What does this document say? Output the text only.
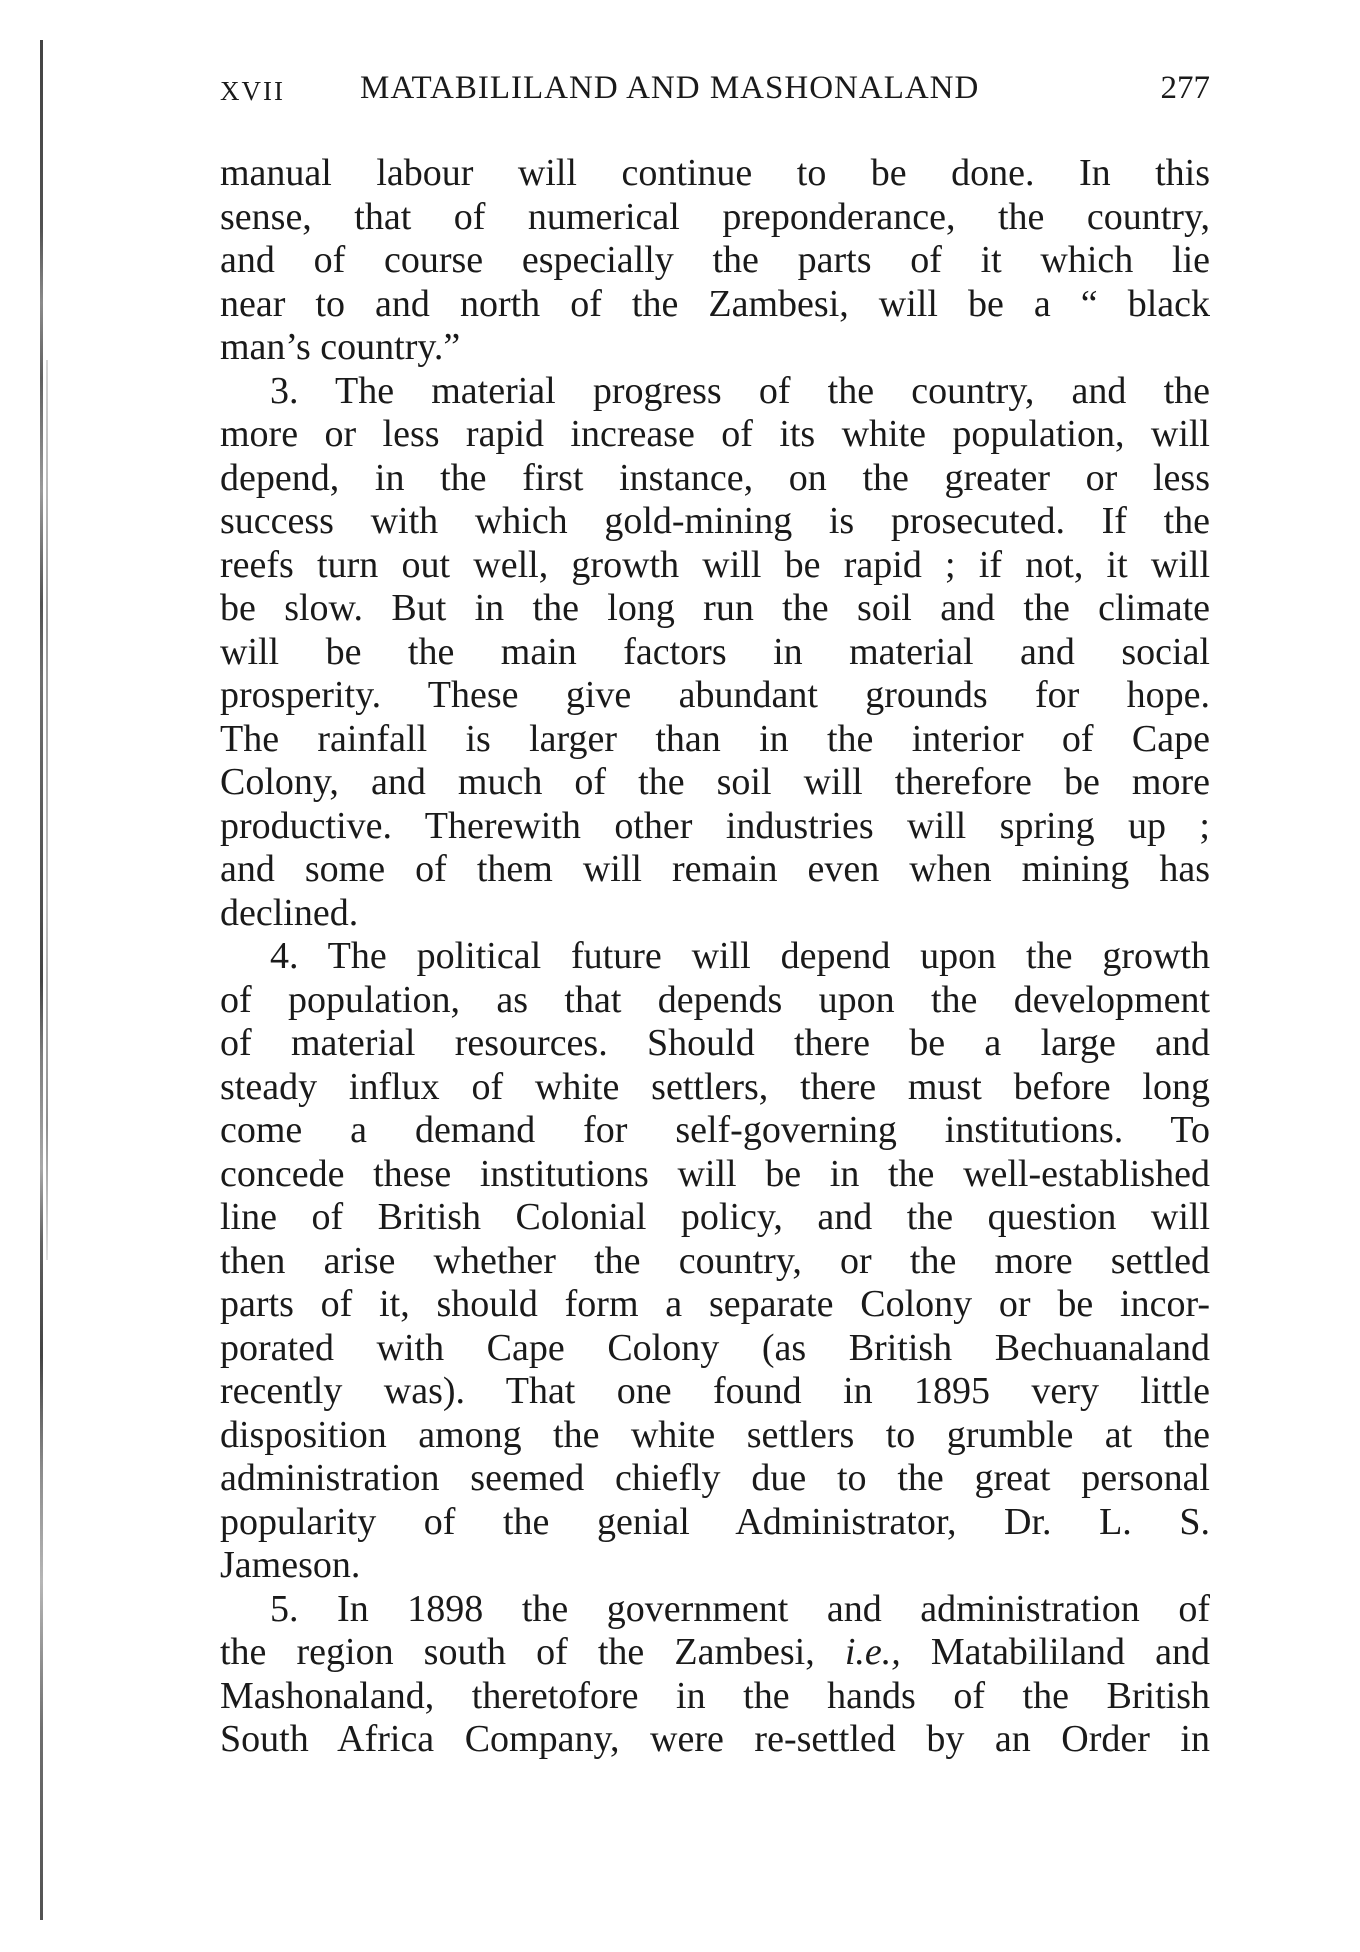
XVII MATABILILAND AND MASHONALAND	277
manual labour will continue to be done. In this
sense, that of numerical preponderance, the country,
and of course especially the parts of it which lie
near to and north of the Zambesi, will be a “ black
man’s country.”
3. The material progress of the country, and the
more or less rapid increase of its white population, will
depend, in the first instance, on the greater or less
success with which gold-mining is prosecuted. If the
reefs turn out well, growth will be rapid ; if not, it will
be slow. But in the long run the soil and the climate
will be the main factors in material and social
prosperity. These give abundant grounds for hope.
The rainfall is larger than in the interior of Cape
Colony, and much of the soil will therefore be more
productive. Therewith other industries will spring up ;
and some of them will remain even when mining has
declined.
4. The political future will depend upon the growth
of population, as that depends upon the development
of material resources. Should there be a large and
steady influx of white settlers, there must before long
come a demand for self-governing institutions. To
concede these institutions will be in the well-established
line of British Colonial policy, and the question will
then arise whether the country, or the more settled
parts of it, should form a separate Colony or be incor-
porated with Cape Colony (as British Bechuanaland
recently was). That one found in 1895 very little
disposition among the white settlers to grumble at the
administration seemed chiefly due to the great personal
popularity of the genial Administrator, Dr. L. S.
Jameson.
5. In 1898 the government and administration of
the region south of the Zambesi, i.e., Matabililand and
Mashonaland, theretofore in the hands of the British
South Africa Company, were re-settled by an Order in
